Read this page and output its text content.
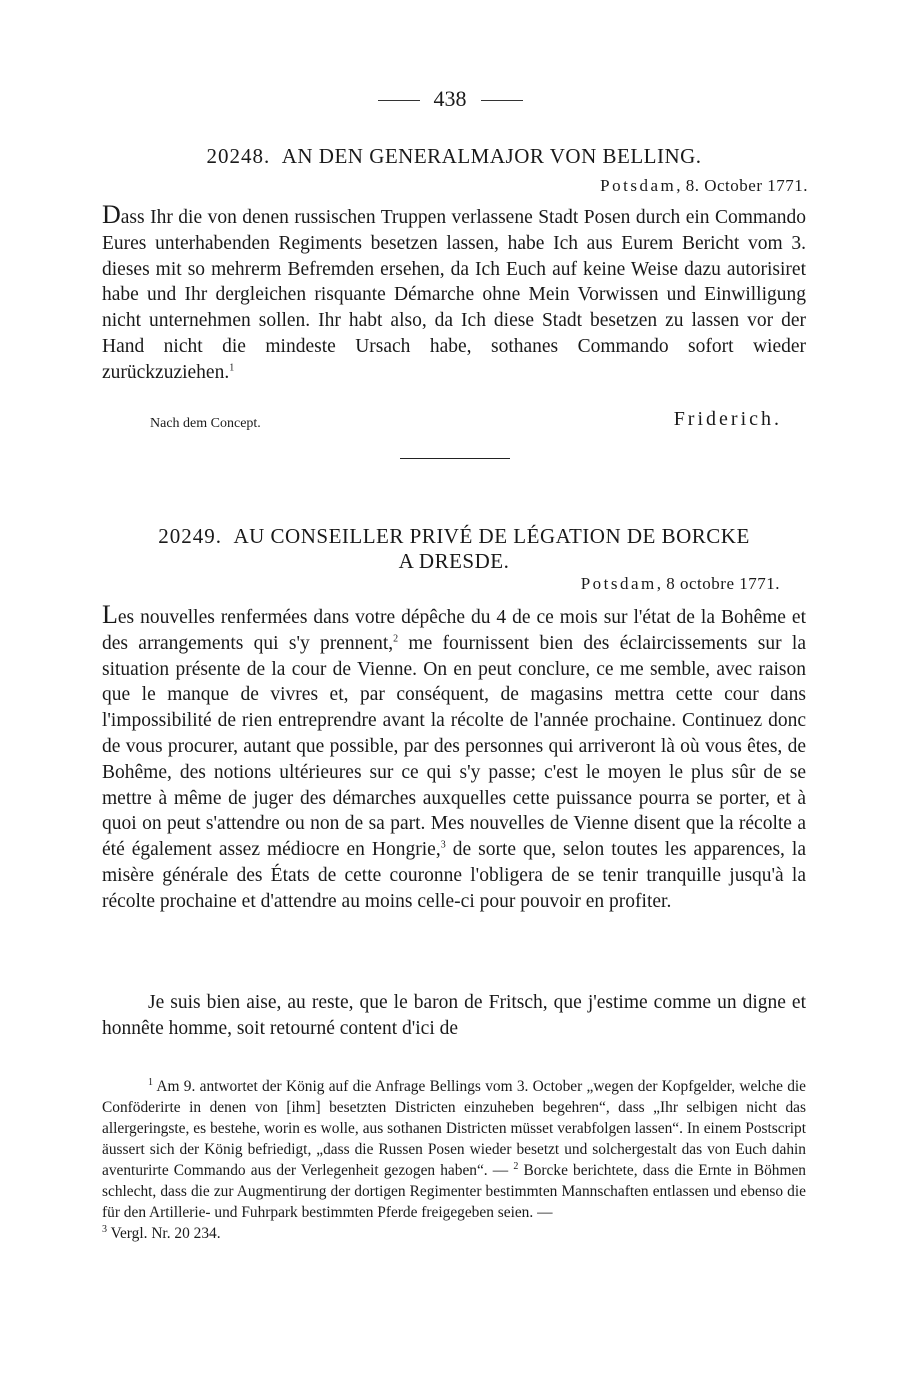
438
20248. AN DEN GENERALMAJOR VON BELLING.
Potsdam, 8. October 1771.

Dass Ihr die von denen russischen Truppen verlassene Stadt Posen durch ein Commando Eures unterhabenden Regiments besetzen lassen, habe Ich aus Eurem Bericht vom 3. dieses mit so mehrerm Befremden ersehen, da Ich Euch auf keine Weise dazu autorisiret habe und Ihr dergleichen risquante Démarche ohne Mein Vorwissen und Einwilligung nicht unternehmen sollen. Ihr habt also, da Ich diese Stadt besetzen zu lassen vor der Hand nicht die mindeste Ursach habe, sothanes Commando sofort wieder zurückzuziehen.$^1$

Nach dem Concept.	Friderich.
20249. AU CONSEILLER PRIVÉ DE LÉGATION DE BORCKE
A DRESDE.
Potsdam, 8 octobre 1771.

Les nouvelles renfermées dans votre dépêche du 4 de ce mois sur l'état de la Bohême et des arrangements qui s'y prennent,$^2$ me fournissent bien des éclaircissements sur la situation présente de la cour de Vienne. On en peut conclure, ce me semble, avec raison que le manque de vivres et, par conséquent, de magasins mettra cette cour dans l'impossibilité de rien entreprendre avant la récolte de l'année prochaine. Continuez donc de vous procurer, autant que possible, par des personnes qui arriveront là où vous êtes, de Bohême, des notions ultérieures sur ce qui s'y passe; c'est le moyen le plus sûr de se mettre à même de juger des démarches auxquelles cette puissance pourra se porter, et à quoi on peut s'attendre ou non de sa part. Mes nouvelles de Vienne disent que la récolte a été également assez médiocre en Hongrie,$^3$ de sorte que, selon toutes les apparences, la misère générale des États de cette couronne l'obligera de se tenir tranquille jusqu'à la récolte prochaine et d'attendre au moins celle-ci pour pouvoir en profiter.

Je suis bien aise, au reste, que le baron de Fritsch, que j'estime comme un digne et honnête homme, soit retourné content d'ici de

$^1$ Am 9. antwortet der König auf die Anfrage Bellings vom 3. October „wegen der Kopfgelder, welche die Conföderirte in denen von [ihm] besetzten Districten einzuheben begehren“, dass „Ihr selbigen nicht das allergeringste, es bestehe, worin es wolle, aus sothanen Districten müsset verabfolgen lassen“. In einem Postscript äussert sich der König befriedigt, „dass die Russen Posen wieder besetzt und solchergestalt das von Euch dahin aventurirte Commando aus der Verlegenheit gezogen haben“. — $^2$ Borcke berichtete, dass die Ernte in Böhmen schlecht, dass die zur Augmentirung der dortigen Regimenter bestimmten Mannschaften entlassen und ebenso die für den Artillerie- und Fuhrpark bestimmten Pferde freigegeben seien. —

$^3$ Vergl. Nr. 20 234.
